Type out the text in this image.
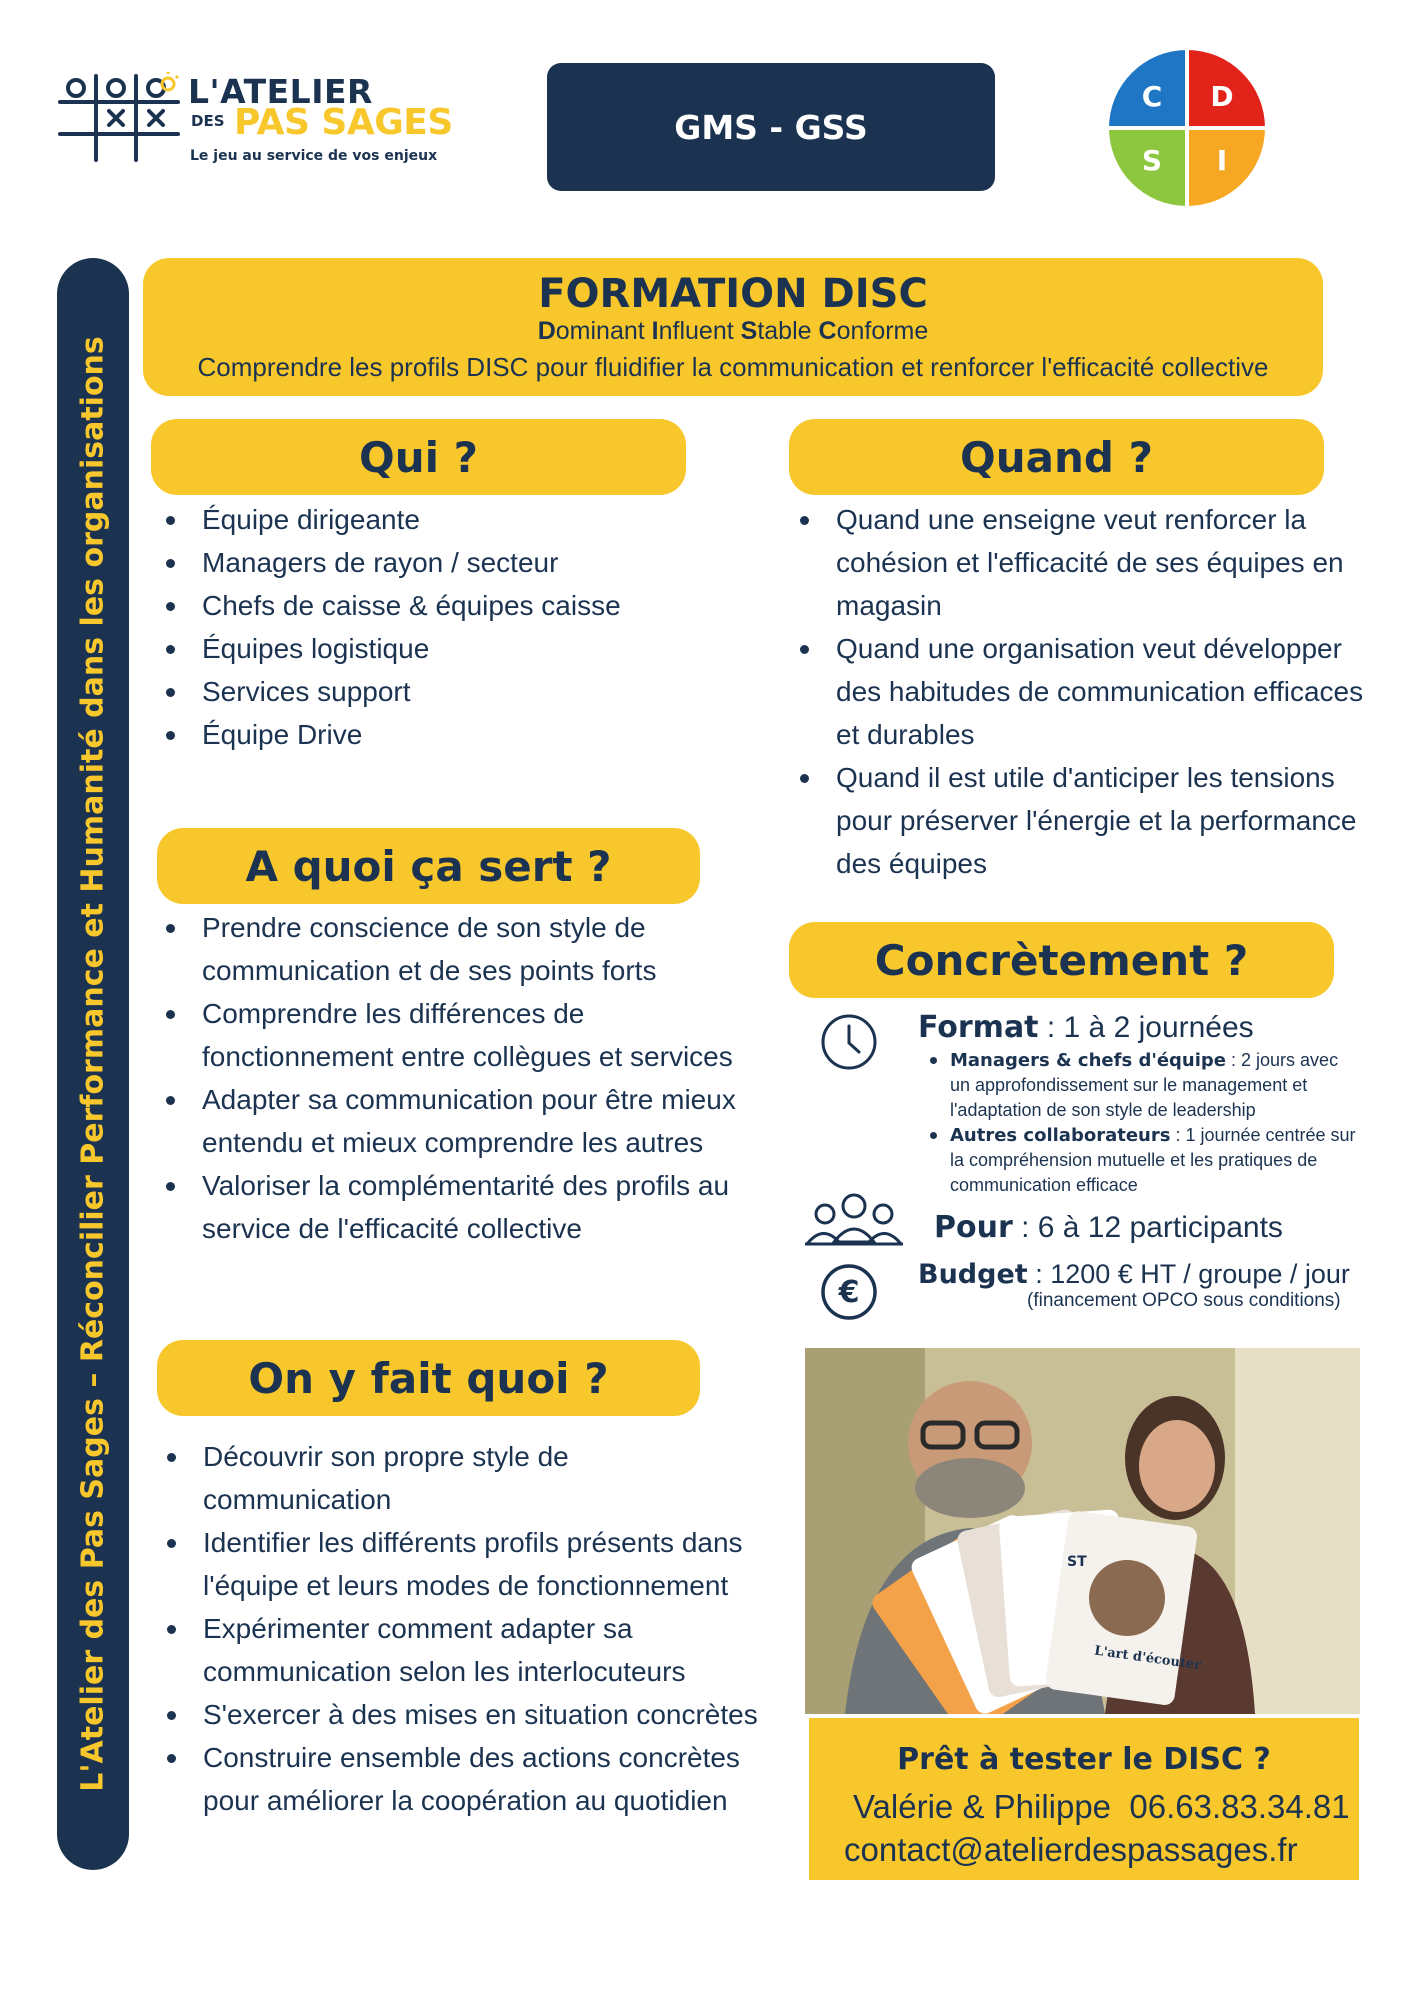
L'ATELIER
DES PAS SAGES
Le jeu au service de vos enjeux
GMS - GSS
C D
S I
L'Atelier des Pas Sages – Réconcilier Performance et Humanité dans les organisations
FORMATION DISC
Dominant Influent Stable Conforme
Comprendre les profils DISC pour fluidifier la communication et renforcer l'efficacité collective
Qui ?
Équipe dirigeante
Managers de rayon / secteur
Chefs de caisse & équipes caisse
Équipes logistique
Services support
Équipe Drive
Quand ?
Quand une enseigne veut renforcer la cohésion et l'efficacité de ses équipes en magasin
Quand une organisation veut développer des habitudes de communication efficaces et durables
Quand il est utile d'anticiper les tensions pour préserver l'énergie et la performance des équipes
A quoi ça sert ?
Prendre conscience de son style de communication et de ses points forts
Comprendre les différences de fonctionnement entre collègues et services
Adapter sa communication pour être mieux entendu et mieux comprendre les autres
Valoriser la complémentarité des profils au service de l'efficacité collective
On y fait quoi ?
Découvrir son propre style de communication
Identifier les différents profils présents dans l'équipe et leurs modes de fonctionnement
Expérimenter comment adapter sa communication selon les interlocuteurs
S'exercer à des mises en situation concrètes
Construire ensemble des actions concrètes pour améliorer la coopération au quotidien
Concrètement ?
Format : 1 à 2 journées
Managers & chefs d'équipe : 2 jours avec un approfondissement sur le management et l'adaptation de son style de leadership
Autres collaborateurs : 1 journée centrée sur la compréhension mutuelle et les pratiques de communication efficace
Pour : 6 à 12 participants
€
Budget : 1200 € HT / groupe / jour
(financement OPCO sous conditions)
L'art d'écouter
ST
Prêt à tester le DISC ?
Valérie & Philippe  06.63.83.34.81
contact@atelierdespassages.fr
